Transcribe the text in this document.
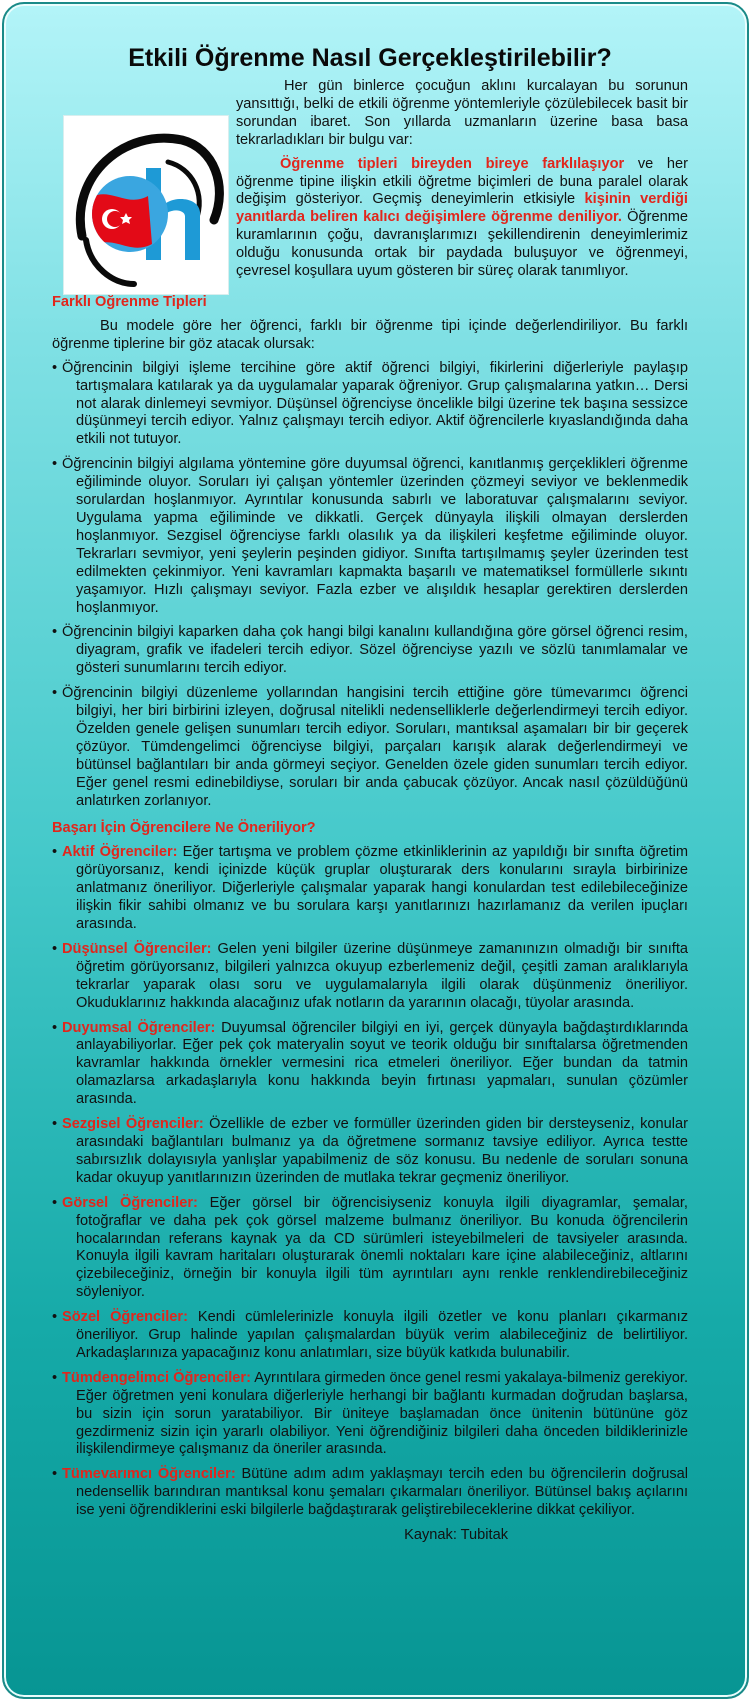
Etkili Öğrenme Nasıl Gerçekleştirilebilir?

Her gün binlerce çocuğun aklını kurcalayan bu sorunun yansıttığı, belki de etkili öğrenme yöntemleriyle çözülebilecek basit bir sorundan ibaret. Son yıllarda uzmanların üzerine basa basa tekrarladıkları bir bulgu var:

Öğrenme tipleri bireyden bireye farklılaşıyor ve her öğrenme tipine ilişkin etkili öğretme biçimleri de buna paralel olarak değişim gösteriyor. Geçmiş deneyimlerin etkisiyle kişinin verdiği yanıtlarda beliren kalıcı değişimlere öğrenme deniliyor. Öğrenme kuramlarının çoğu, davranışlarımızı şekillendirenin deneyimlerimiz olduğu konusunda ortak bir paydada buluşuyor ve öğrenmeyi, çevresel koşullara uyum gösteren bir süreç olarak tanımlıyor.

Farklı Öğrenme Tipleri

Bu modele göre her öğrenci, farklı bir öğrenme tipi içinde değerlendiriliyor. Bu farklı öğrenme tiplerine bir göz atacak olursak:

• Öğrencinin bilgiyi işleme tercihine göre aktif öğrenci bilgiyi, fikirlerini diğerleriyle paylaşıp tartışmalara katılarak ya da uygulamalar yaparak öğreniyor. Grup çalışmalarına yatkın… Dersi not alarak dinlemeyi sevmiyor. Düşünsel öğrenciyse öncelikle bilgi üzerine tek başına sessizce düşünmeyi tercih ediyor. Yalnız çalışmayı tercih ediyor. Aktif öğrencilerle kıyaslandığında daha etkili not tutuyor.
• Öğrencinin bilgiyi algılama yöntemine göre duyumsal öğrenci, kanıtlanmış gerçeklikleri öğrenme eğiliminde oluyor. Soruları iyi çalışan yöntemler üzerinden çözmeyi seviyor ve beklenmedik sorulardan hoşlanmıyor. Ayrıntılar konusunda sabırlı ve laboratuvar çalışmalarını seviyor. Uygulama yapma eğiliminde ve dikkatli. Gerçek dünyayla ilişkili olmayan derslerden hoşlanmıyor. Sezgisel öğrenciyse farklı olasılık ya da ilişkileri keşfetme eğiliminde oluyor. Tekrarları sevmiyor, yeni şeylerin peşinden gidiyor. Sınıfta tartışılmamış şeyler üzerinden test edilmekten çekinmiyor. Yeni kavramları kapmakta başarılı ve matematiksel formüllerle sıkıntı yaşamıyor. Hızlı çalışmayı seviyor. Fazla ezber ve alışıldık hesaplar gerektiren derslerden hoşlanmıyor.
• Öğrencinin bilgiyi kaparken daha çok hangi bilgi kanalını kullandığına göre görsel öğrenci resim, diyagram, grafik ve ifadeleri tercih ediyor. Sözel öğrenciyse yazılı ve sözlü tanımlamalar ve gösteri sunumlarını tercih ediyor.
• Öğrencinin bilgiyi düzenleme yollarından hangisini tercih ettiğine göre tümevarımcı öğrenci bilgiyi, her biri birbirini izleyen, doğrusal nitelikli nedenselliklerle değerlendirmeyi tercih ediyor. Özelden genele gelişen sunumları tercih ediyor. Soruları, mantıksal aşamaları bir bir geçerek çözüyor. Tümdengelimci öğrenciyse bilgiyi, parçaları karışık alarak değerlendirmeyi ve bütünsel bağlantıları bir anda görmeyi seçiyor. Genelden özele giden sunumları tercih ediyor. Eğer genel resmi edinebildiyse, soruları bir anda çabucak çözüyor. Ancak nasıl çözüldüğünü anlatırken zorlanıyor.
Başarı İçin Öğrencilere Ne Öneriliyor?
• Aktif Öğrenciler: Eğer tartışma ve problem çözme etkinliklerinin az yapıldığı bir sınıfta öğretim görüyorsanız, kendi içinizde küçük gruplar oluşturarak ders konularını sırayla birbirinize anlatmanız öneriliyor. Diğerleriyle çalışmalar yaparak hangi konulardan test edilebileceğinize ilişkin fikir sahibi olmanız ve bu sorulara karşı yanıtlarınızı hazırlamanız da verilen ipuçları arasında.
• Düşünsel Öğrenciler: Gelen yeni bilgiler üzerine düşünmeye zamanınızın olmadığı bir sınıfta öğretim görüyorsanız, bilgileri yalnızca okuyup ezberlemeniz değil, çeşitli zaman aralıklarıyla tekrarlar yaparak olası soru ve uygulamalarıyla ilgili olarak düşünmeniz öneriliyor. Okuduklarınız hakkında alacağınız ufak notların da yararının olacağı, tüyolar arasında.
• Duyumsal Öğrenciler: Duyumsal öğrenciler bilgiyi en iyi, gerçek dünyayla bağdaştırdıklarında anlayabiliyorlar. Eğer pek çok materyalin soyut ve teorik olduğu bir sınıftalarsa öğretmenden kavramlar hakkında örnekler vermesini rica etmeleri öneriliyor. Eğer bundan da tatmin olamazlarsa arkadaşlarıyla konu hakkında beyin fırtınası yapmaları, sunulan çözümler arasında.
• Sezgisel Öğrenciler: Özellikle de ezber ve formüller üzerinden giden bir dersteyseniz, konular arasındaki bağlantıları bulmanız ya da öğretmene sormanız tavsiye ediliyor. Ayrıca testte sabırsızlık dolayısıyla yanlışlar yapabilmeniz de söz konusu. Bu nedenle de soruları sonuna kadar okuyup yanıtlarınızın üzerinden de mutlaka tekrar geçmeniz öneriliyor.
• Görsel Öğrenciler: Eğer görsel bir öğrencisiyseniz konuyla ilgili diyagramlar, şemalar, fotoğraflar ve daha pek çok görsel malzeme bulmanız öneriliyor. Bu konuda öğrencilerin hocalarından referans kaynak ya da CD sürümleri isteyebilmeleri de tavsiyeler arasında. Konuyla ilgili kavram haritaları oluşturarak önemli noktaları kare içine alabileceğiniz, altlarını çizebileceğiniz, örneğin bir konuyla ilgili tüm ayrıntıları aynı renkle renklendirebileceğiniz söyleniyor.
• Sözel Öğrenciler: Kendi cümlelerinizle konuyla ilgili özetler ve konu planları çıkarmanız öneriliyor. Grup halinde yapılan çalışmalardan büyük verim alabileceğiniz de belirtiliyor. Arkadaşlarınıza yapacağınız konu anlatımları, size büyük katkıda bulunabilir.
• Tümdengelimci Öğrenciler: Ayrıntılara girmeden önce genel resmi yakalaya-bilmeniz gerekiyor. Eğer öğretmen yeni konulara diğerleriyle herhangi bir bağlantı kurmadan doğrudan başlarsa, bu sizin için sorun yaratabiliyor. Bir üniteye başlamadan önce ünitenin bütününe göz gezdirmeniz sizin için yararlı olabiliyor. Yeni öğrendiğiniz bilgileri daha önceden bildiklerinizle ilişkilendirmeye çalışmanız da öneriler arasında.
• Tümevarımcı Öğrenciler: Bütüne adım adım yaklaşmayı tercih eden bu öğrencilerin doğrusal nedensellik barındıran mantıksal konu şemaları çıkarmaları öneriliyor. Bütünsel bakış açılarını ise yeni öğrendiklerini eski bilgilerle bağdaştırarak geliştirebileceklerine dikkat çekiliyor.
Kaynak: Tubitak
